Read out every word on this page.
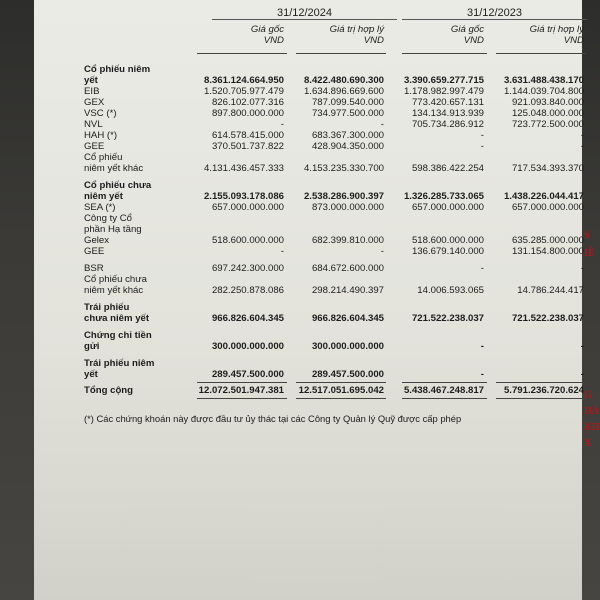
31/12/2024	31/12/2023
Giá gốc
VND
Giá trị hợp lý
VND
Giá gốc
VND
Giá trị hợp lý
VND
Cổ phiếu niêm
yết	8.361.124.664.950	8.422.480.690.300	3.390.659.277.715	3.631.488.438.170
EIB	1.520.705.977.479	1.634.896.669.600	1.178.982.997.479	1.144.039.704.800
GEX	826.102.077.316	787.099.540.000	773.420.657.131	921.093.840.000
VSC (*)	897.800.000.000	734.977.500.000	134.134.913.939	125.048.000.000
NVL	-	-	705.734.286.912	723.772.500.000
HAH (*)	614.578.415.000	683.367.300.000	-	-
GEE	370.501.737.822	428.904.350.000	-	-
Cổ phiếu
niêm yết khác	4.131.436.457.333	4.153.235.330.700	598.386.422.254	717.534.393.370
Cổ phiếu chưa
niêm yết	2.155.093.178.086	2.538.286.900.397	1.326.285.733.065	1.438.226.044.417
SEA (*)	657.000.000.000	873.000.000.000	657.000.000.000	657.000.000.000
Công ty Cổ
phần Hạ tầng
Gelex	518.600.000.000	682.399.810.000	518.600.000.000	635.285.000.000
GEE	-	-	136.679.140.000	131.154.800.000
BSR	697.242.300.000	684.672.600.000	-	-
Cổ phiếu chưa
niêm yết khác	282.250.878.086	298.214.490.397	14.006.593.065	14.786.244.417
Trái phiếu
chưa niêm yết	966.826.604.345	966.826.604.345	721.522.238.037	721.522.238.037
Chứng chỉ tiền
gửi	300.000.000.000	300.000.000.000	-	-
Trái phiếu niêm
yết	289.457.500.000	289.457.500.000	-	-
Tổng cộng	12.072.501.947.381	12.517.051.695.042	5.438.467.248.817	5.791.236.720.624
(*) Các chứng khoán này được đầu tư ủy thác tại các Công ty Quản lý Quỹ được cấp phép
S
IÊ
G
HÀ
KH
X
